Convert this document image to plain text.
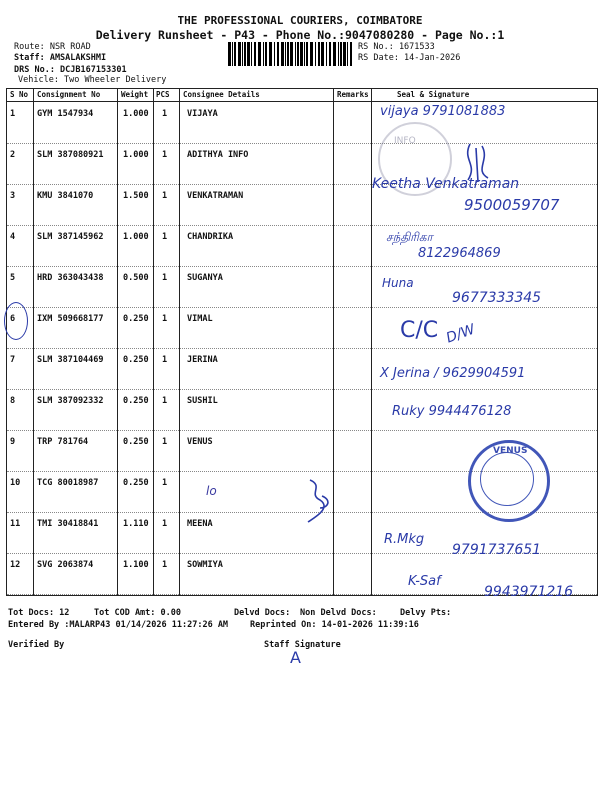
THE PROFESSIONAL COURIERS, COIMBATORE
Delivery Runsheet - P43 - Phone No.:9047080280 - Page No.:1
Route: NSR ROAD
Staff: AMSALAKSHMI
DRS No.: DCJB167153301
Vehicle: Two Wheeler Delivery
RS No.: 1671533
RS Date: 14-Jan-2026
S No Consignment No	Weight PCS Consignee Details	Remarks	Seal & Signature
1	GYM 1547934	1.000 1 VIJAYA
2	SLM 387080921 1.000 1 ADITHYA INFO
3	KMU 3841070	1.500 1 VENKATRAMAN
4	SLM 387145962 1.000 1 CHANDRIKA
5	HRD 363043438 0.500 1 SUGANYA
6	IXM 509668177 0.250 1 VIMAL
7	SLM 387104469 0.250 1 JERINA
8	SLM 387092332 0.250 1 SUSHIL
9	TRP 781764	0.250 1 VENUS
10 TCG 80018987	0.250 1
11 TMI 30418841	1.110 1 MEENA
12 SVG 2063874	1.100 1 SOWMIYA
vijaya 9791081883
INFO
Keetha Venkatraman
9500059707
சந்திரிகா
8122964869
Huna
9677333345
C/C D/W
X Jerina / 9629904591
Ruky 9944476128
VENUS
lo
R.Mkg
9791737651
K-Saf
9943971216
Tot Docs: 12	Tot COD Amt: 0.00	Delvd Docs: Non Delvd Docs:	Delvy Pts:
Entered By :MALARP43 01/14/2026 11:27:26 AM	Reprinted On: 14-01-2026 11:39:16
Verified By	Staff Signature
A
